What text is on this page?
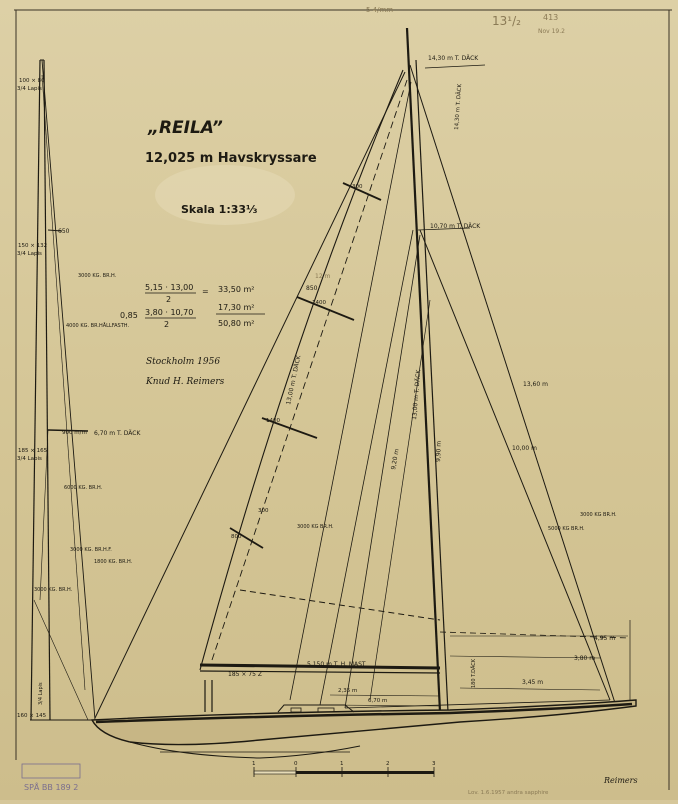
100 × 80
3/4 Lapis
650
150 × 132
3/4 Lapis
3000 KG. BR.H.
4000 KG. BR.HÅLLFASTH.
900 m/m 6,70 m T. DÄCK
185 × 165
3/4 Lapis
6000 KG. BR.H.
3000 KG. BR.H.F.
1800 KG. BR.H.
3000 KG. BR.H.
160 × 145
3/4 Lapis
„REILA”
12,025 m Havskryssare
Skala 1:33⅓
5,15 · 13,00
2
= 33,50 m²
0,85 3,80 · 10,70
2
17,30 m²
50,80 m²
Stockholm 1956
Knud H. Reimers
14,30 m T. DÄCK
14,30 m T. DÄCK
10,70 m T. DÄCK
13,00 m T. DÄCK	13,00 m T. DÄCK	13,60 m
10,00 m
9,90 m
9,20 m
300
850
1400
1400
300
800
3000 KG BR.H.
5000 KG BR.H.
3000 KG BR.H.
5,150 m T. H. MAST
185 × 75 Z
4,95 m
3,80 m
3,45 m
2,35 m
6,70 m
180 T.DÄCK
12 m
1	0	1	2	3
5 4/mm
13¹/₂	413
Nov 19.2
Reimers
Lov. 1.6.1957 andra sapphire
SPÅ BB 189 2
